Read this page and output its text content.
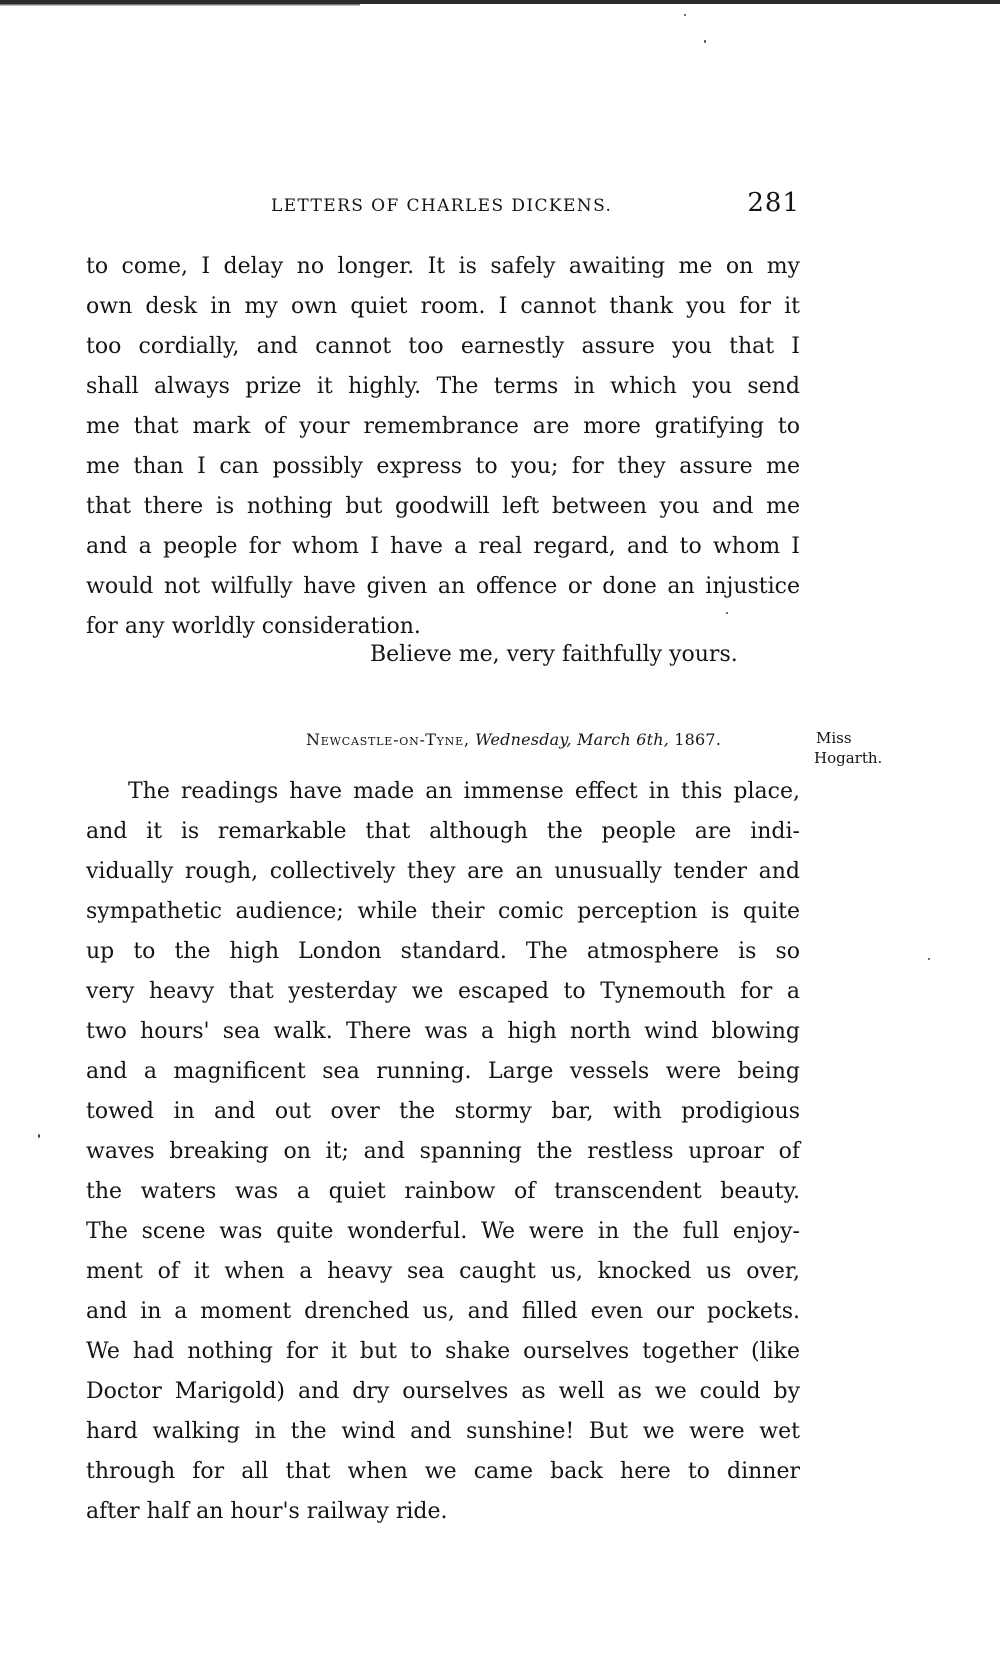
LETTERS OF CHARLES DICKENS.	281
to come, I delay no longer. It is safely awaiting me on my
own desk in my own quiet room. I cannot thank you for it
too cordially, and cannot too earnestly assure you that I
shall always prize it highly. The terms in which you send
me that mark of your remembrance are more gratifying to
me than I can possibly express to you; for they assure me
that there is nothing but goodwill left between you and me
and a people for whom I have a real regard, and to whom I
would not wilfully have given an offence or done an injustice
for any worldly consideration.
Believe me, very faithfully yours.
Newcastle-on-Tyne, Wednesday, March 6th, 1867.	Miss
Hogarth.
The readings have made an immense effect in this place,
and it is remarkable that although the people are indi-
vidually rough, collectively they are an unusually tender and
sympathetic audience; while their comic perception is quite
up to the high London standard. The atmosphere is so
very heavy that yesterday we escaped to Tynemouth for a
two hours' sea walk. There was a high north wind blowing
and a magnificent sea running. Large vessels were being
towed in and out over the stormy bar, with prodigious
waves breaking on it; and spanning the restless uproar of
the waters was a quiet rainbow of transcendent beauty.
The scene was quite wonderful. We were in the full enjoy-
ment of it when a heavy sea caught us, knocked us over,
and in a moment drenched us, and filled even our pockets.
We had nothing for it but to shake ourselves together (like
Doctor Marigold) and dry ourselves as well as we could by
hard walking in the wind and sunshine! But we were wet
through for all that when we came back here to dinner
after half an hour's railway ride.
